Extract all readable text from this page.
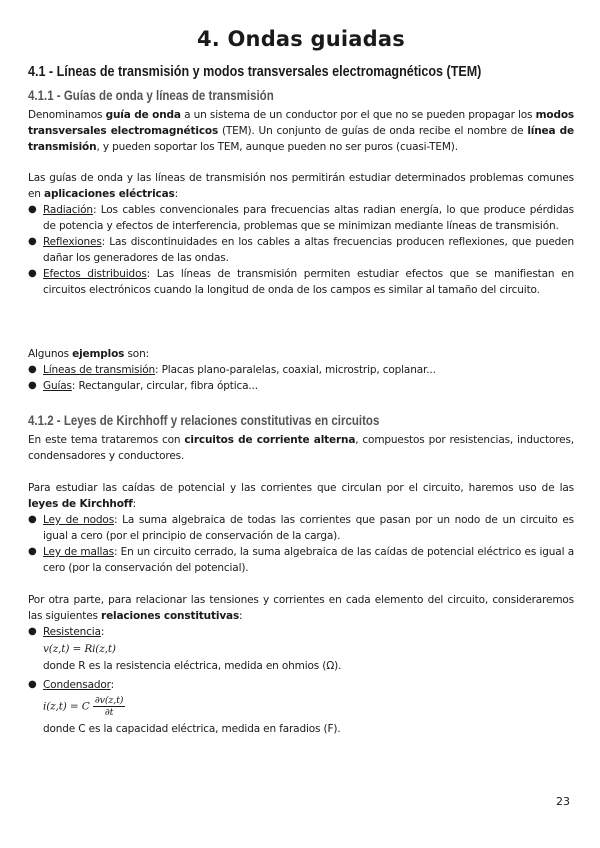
4. Ondas guiadas
4.1 - Líneas de transmisión y modos transversales electromagnéticos (TEM)
4.1.1 - Guías de onda y líneas de transmisión
Denominamos guía de onda a un sistema de un conductor por el que no se pueden propagar los modos transversales electromagnéticos (TEM). Un conjunto de guías de onda recibe el nombre de línea de transmisión, y pueden soportar los TEM, aunque pueden no ser puros (cuasi-TEM).
Las guías de onda y las líneas de transmisión nos permitirán estudiar determinados problemas comunes en aplicaciones eléctricas:
● Radiación: Los cables convencionales para frecuencias altas radian energía, lo que produce pérdidas de potencia y efectos de interferencia, problemas que se minimizan mediante líneas de transmisión.
● Reflexiones: Las discontinuidades en los cables a altas frecuencias producen reflexiones, que pueden dañar los generadores de las ondas.
● Efectos distribuidos: Las líneas de transmisión permiten estudiar efectos que se manifiestan en circuitos electrónicos cuando la longitud de onda de los campos es similar al tamaño del circuito.
Algunos ejemplos son:
● Líneas de transmisión: Placas plano-paralelas, coaxial, microstrip, coplanar...
● Guías: Rectangular, circular, fibra óptica...
4.1.2 - Leyes de Kirchhoff y relaciones constitutivas en circuitos
En este tema trataremos con circuitos de corriente alterna, compuestos por resistencias, inductores, condensadores y conductores.
Para estudiar las caídas de potencial y las corrientes que circulan por el circuito, haremos uso de las leyes de Kirchhoff:
● Ley de nodos: La suma algebraica de todas las corrientes que pasan por un nodo de un circuito es igual a cero (por el principio de conservación de la carga).
● Ley de mallas: En un circuito cerrado, la suma algebraica de las caídas de potencial eléctrico es igual a cero (por la conservación del potencial).
Por otra parte, para relacionar las tensiones y corrientes en cada elemento del circuito, consideraremos las siguientes relaciones constitutivas:
● Resistencia:
v(z,t) = Ri(z,t)
donde R es la resistencia eléctrica, medida en ohmios (Ω).
● Condensador:
i(z,t) = C $\frac{\partial v(z,t)}{\partial t}$
donde C es la capacidad eléctrica, medida en faradios (F).
23
